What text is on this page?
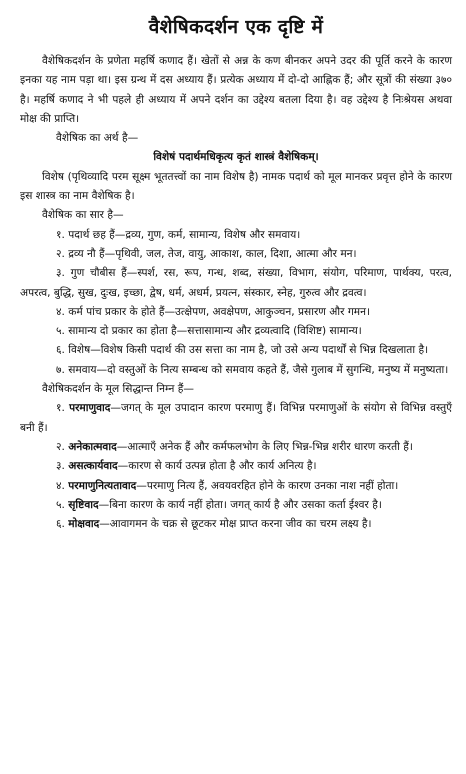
वैशेषिकदर्शन एक दृष्टि में

वैशेषिकदर्शन के प्रणेता महर्षि कणाद हैं। खेतों से अन्न के कण बीनकर अपने उदर की पूर्ति करने के कारण इनका यह नाम पड़ा था। इस ग्रन्थ में दस अध्याय हैं। प्रत्येक अध्याय में दो-दो आह्निक हैं; और सूत्रों की संख्या ३७० है। महर्षि कणाद ने भी पहले ही अध्याय में अपने दर्शन का उद्देश्य बतला दिया है। वह उद्देश्य है निःश्रेयस अथवा मोक्ष की प्राप्ति।

वैशेषिक का अर्थ है—

विशेषं पदार्थमधिकृत्य कृतं शास्त्रं वैशेषिकम्।

विशेष (पृथिव्यादि परम सूक्ष्म भूततत्त्वों का नाम विशेष है) नामक पदार्थ को मूल मानकर प्रवृत्त होने के कारण इस शास्त्र का नाम वैशेषिक है।

वैशेषिक का सार है—

१. पदार्थ छह हैं—द्रव्य, गुण, कर्म, सामान्य, विशेष और समवाय।

२. द्रव्य नौ हैं—पृथिवी, जल, तेज, वायु, आकाश, काल, दिशा, आत्मा और मन।

३. गुण चौबीस हैं—स्पर्श, रस, रूप, गन्ध, शब्द, संख्या, विभाग, संयोग, परिमाण, पार्थक्य, परत्व, अपरत्व, बुद्धि, सुख, दुःख, इच्छा, द्वेष, धर्म, अधर्म, प्रयत्न, संस्कार, स्नेह, गुरुत्व और द्रवत्व।

४. कर्म पांच प्रकार के होते हैं—उत्क्षेपण, अवक्षेपण, आकुञ्चन, प्रसारण और गमन।

५. सामान्य दो प्रकार का होता है—सत्तासामान्य और द्रव्यत्वादि (विशिष्ट) सामान्य।

६. विशेष—विशेष किसी पदार्थ की उस सत्ता का नाम है, जो उसे अन्य पदार्थों से भिन्न दिखलाता है।

७. समवाय—दो वस्तुओं के नित्य सम्बन्ध को समवाय कहते हैं, जैसे गुलाब में सुगन्धि, मनुष्य में मनुष्यता।

वैशेषिकदर्शन के मूल सिद्धान्त निम्न हैं—

१. परमाणुवाद—जगत् के मूल उपादान कारण परमाणु हैं। विभिन्न परमाणुओं के संयोग से विभिन्न वस्तुएँ बनी हैं।

२. अनेकात्मवाद—आत्माएँ अनेक हैं और कर्मफलभोग के लिए भिन्न-भिन्न शरीर धारण करती हैं।

३. असत्कार्यवाद—कारण से कार्य उत्पन्न होता है और कार्य अनित्य है।

४. परमाणुनित्यतावाद—परमाणु नित्य हैं, अवयवरहित होने के कारण उनका नाश नहीं होता।

५. सृष्टिवाद—बिना कारण के कार्य नहीं होता। जगत् कार्य है और उसका कर्ता ईश्वर है।

६. मोक्षवाद—आवागमन के चक्र से छूटकर मोक्ष प्राप्त करना जीव का चरम लक्ष्य है।
